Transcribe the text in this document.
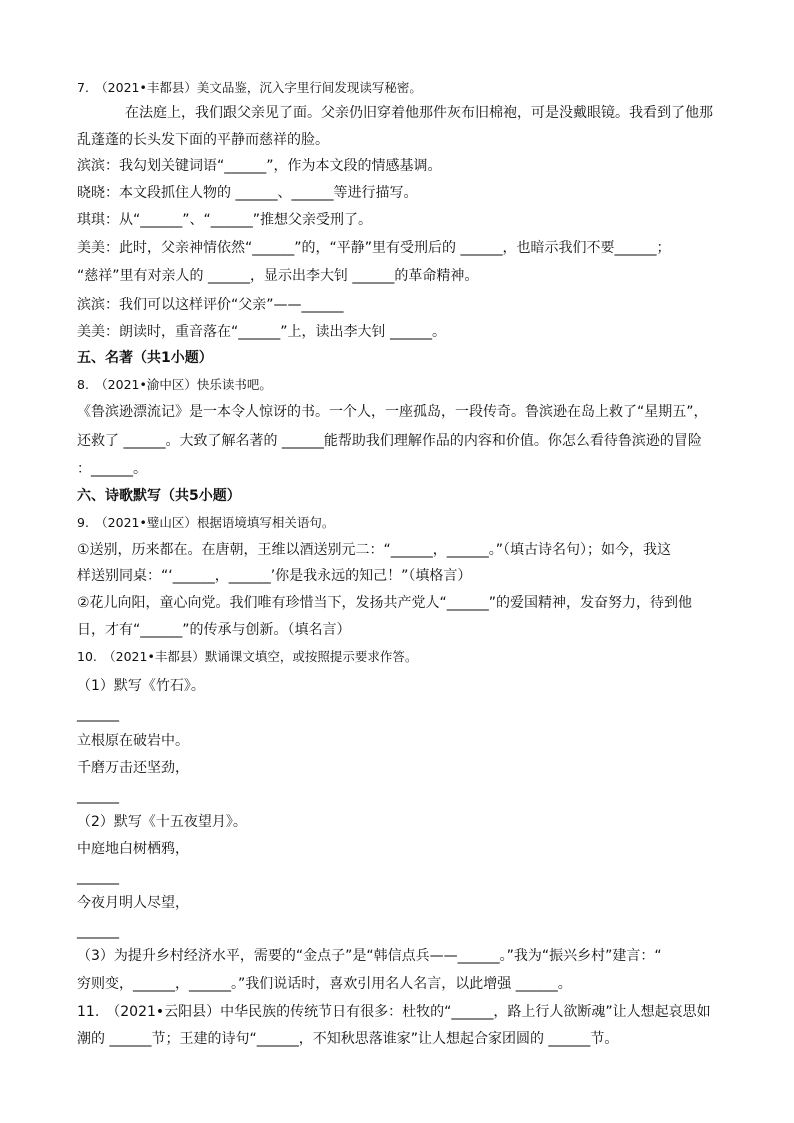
7.　（2021•丰都县）美文品鉴，沉入字里行间发现读写秘密。
在法庭上，我们跟父亲见了面。父亲仍旧穿着他那件灰布旧棉袍，可是没戴眼镜。我看到了他那
乱蓬蓬的长头发下面的平静而慈祥的脸。
滨滨：我勾划关键词语“______”，作为本文段的情感基调。
晓晓：本文段抓住人物的 ______、______等进行描写。
琪琪：从“______”、“______”推想父亲受刑了。
美美：此时，父亲神情依然“______”的，“平静”里有受刑后的 ______，也暗示我们不要______；
“慈祥”里有对亲人的 ______，显示出李大钊 ______的革命精神。
滨滨：我们可以这样评价“父亲”——______
美美：朗读时，重音落在“______”上，读出李大钊 ______。
五、名著（共1小题）
8.　（2021•渝中区）快乐读书吧。
《鲁滨逊漂流记》是一本令人惊讶的书。一个人，一座孤岛，一段传奇。鲁滨逊在岛上救了“星期五”，
还救了 ______。大致了解名著的 ______能帮助我们理解作品的内容和价值。你怎么看待鲁滨逊的冒险
：______。
六、诗歌默写（共5小题）
9.　（2021•璧山区）根据语境填写相关语句。
①送别，历来都在。在唐朝，王维以酒送别元二：“______，______。”（填古诗名句）；如今，我这
样送别同桌：“‘______，______’你是我永远的知己！”（填格言）
②花儿向阳，童心向党。我们唯有珍惜当下，发扬共产党人“______”的爱国精神，发奋努力，待到他
日，才有“______”的传承与创新。（填名言）
10.　（2021•丰都县）默诵课文填空，或按照提示要求作答。
（1）默写《竹石》。
______
立根原在破岩中。
千磨万击还坚劲，
______
（2）默写《十五夜望月》。
中庭地白树栖鸦，
______
今夜月明人尽望，
______
（3）为提升乡村经济水平，需要的“金点子”是“韩信点兵——______。”我为“振兴乡村”建言：“
穷则变，______，______。”我们说话时，喜欢引用名人名言，以此增强 ______。
11.　（2021•云阳县）中华民族的传统节日有很多：杜牧的“______，路上行人欲断魂”让人想起哀思如
潮的 ______节；王建的诗句“______，不知秋思落谁家”让人想起合家团圆的 ______节。
